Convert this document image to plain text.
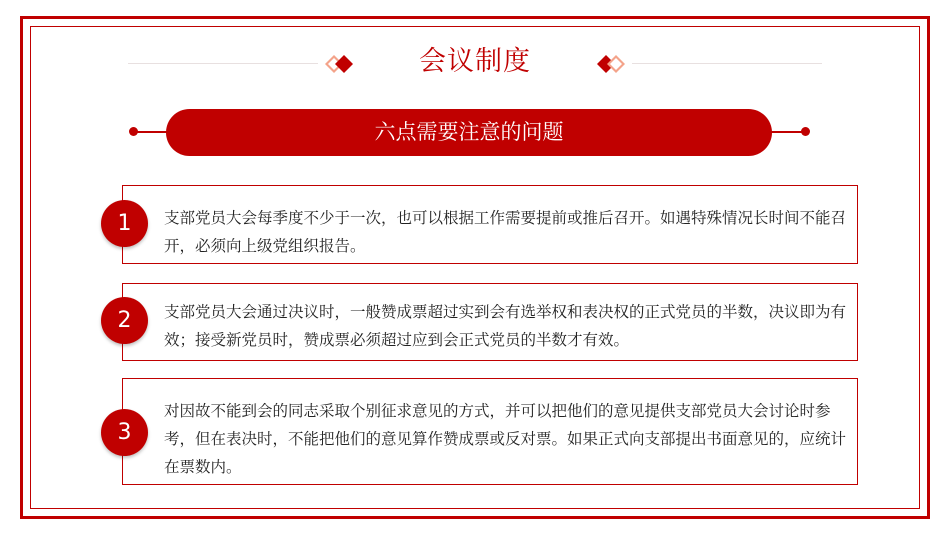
会议制度
六点需要注意的问题
支部党员大会每季度不少于一次，也可以根据工作需要提前或推后召开。如遇特殊情况长时间不能召开，必须向上级党组织报告。
1
支部党员大会通过决议时，一般赞成票超过实到会有选举权和表决权的正式党员的半数，决议即为有效；接受新党员时，赞成票必须超过应到会正式党员的半数才有效。
2
对因故不能到会的同志采取个别征求意见的方式，并可以把他们的意见提供支部党员大会讨论时参考，但在表决时，不能把他们的意见算作赞成票或反对票。如果正式向支部提出书面意见的，应统计在票数内。
3
